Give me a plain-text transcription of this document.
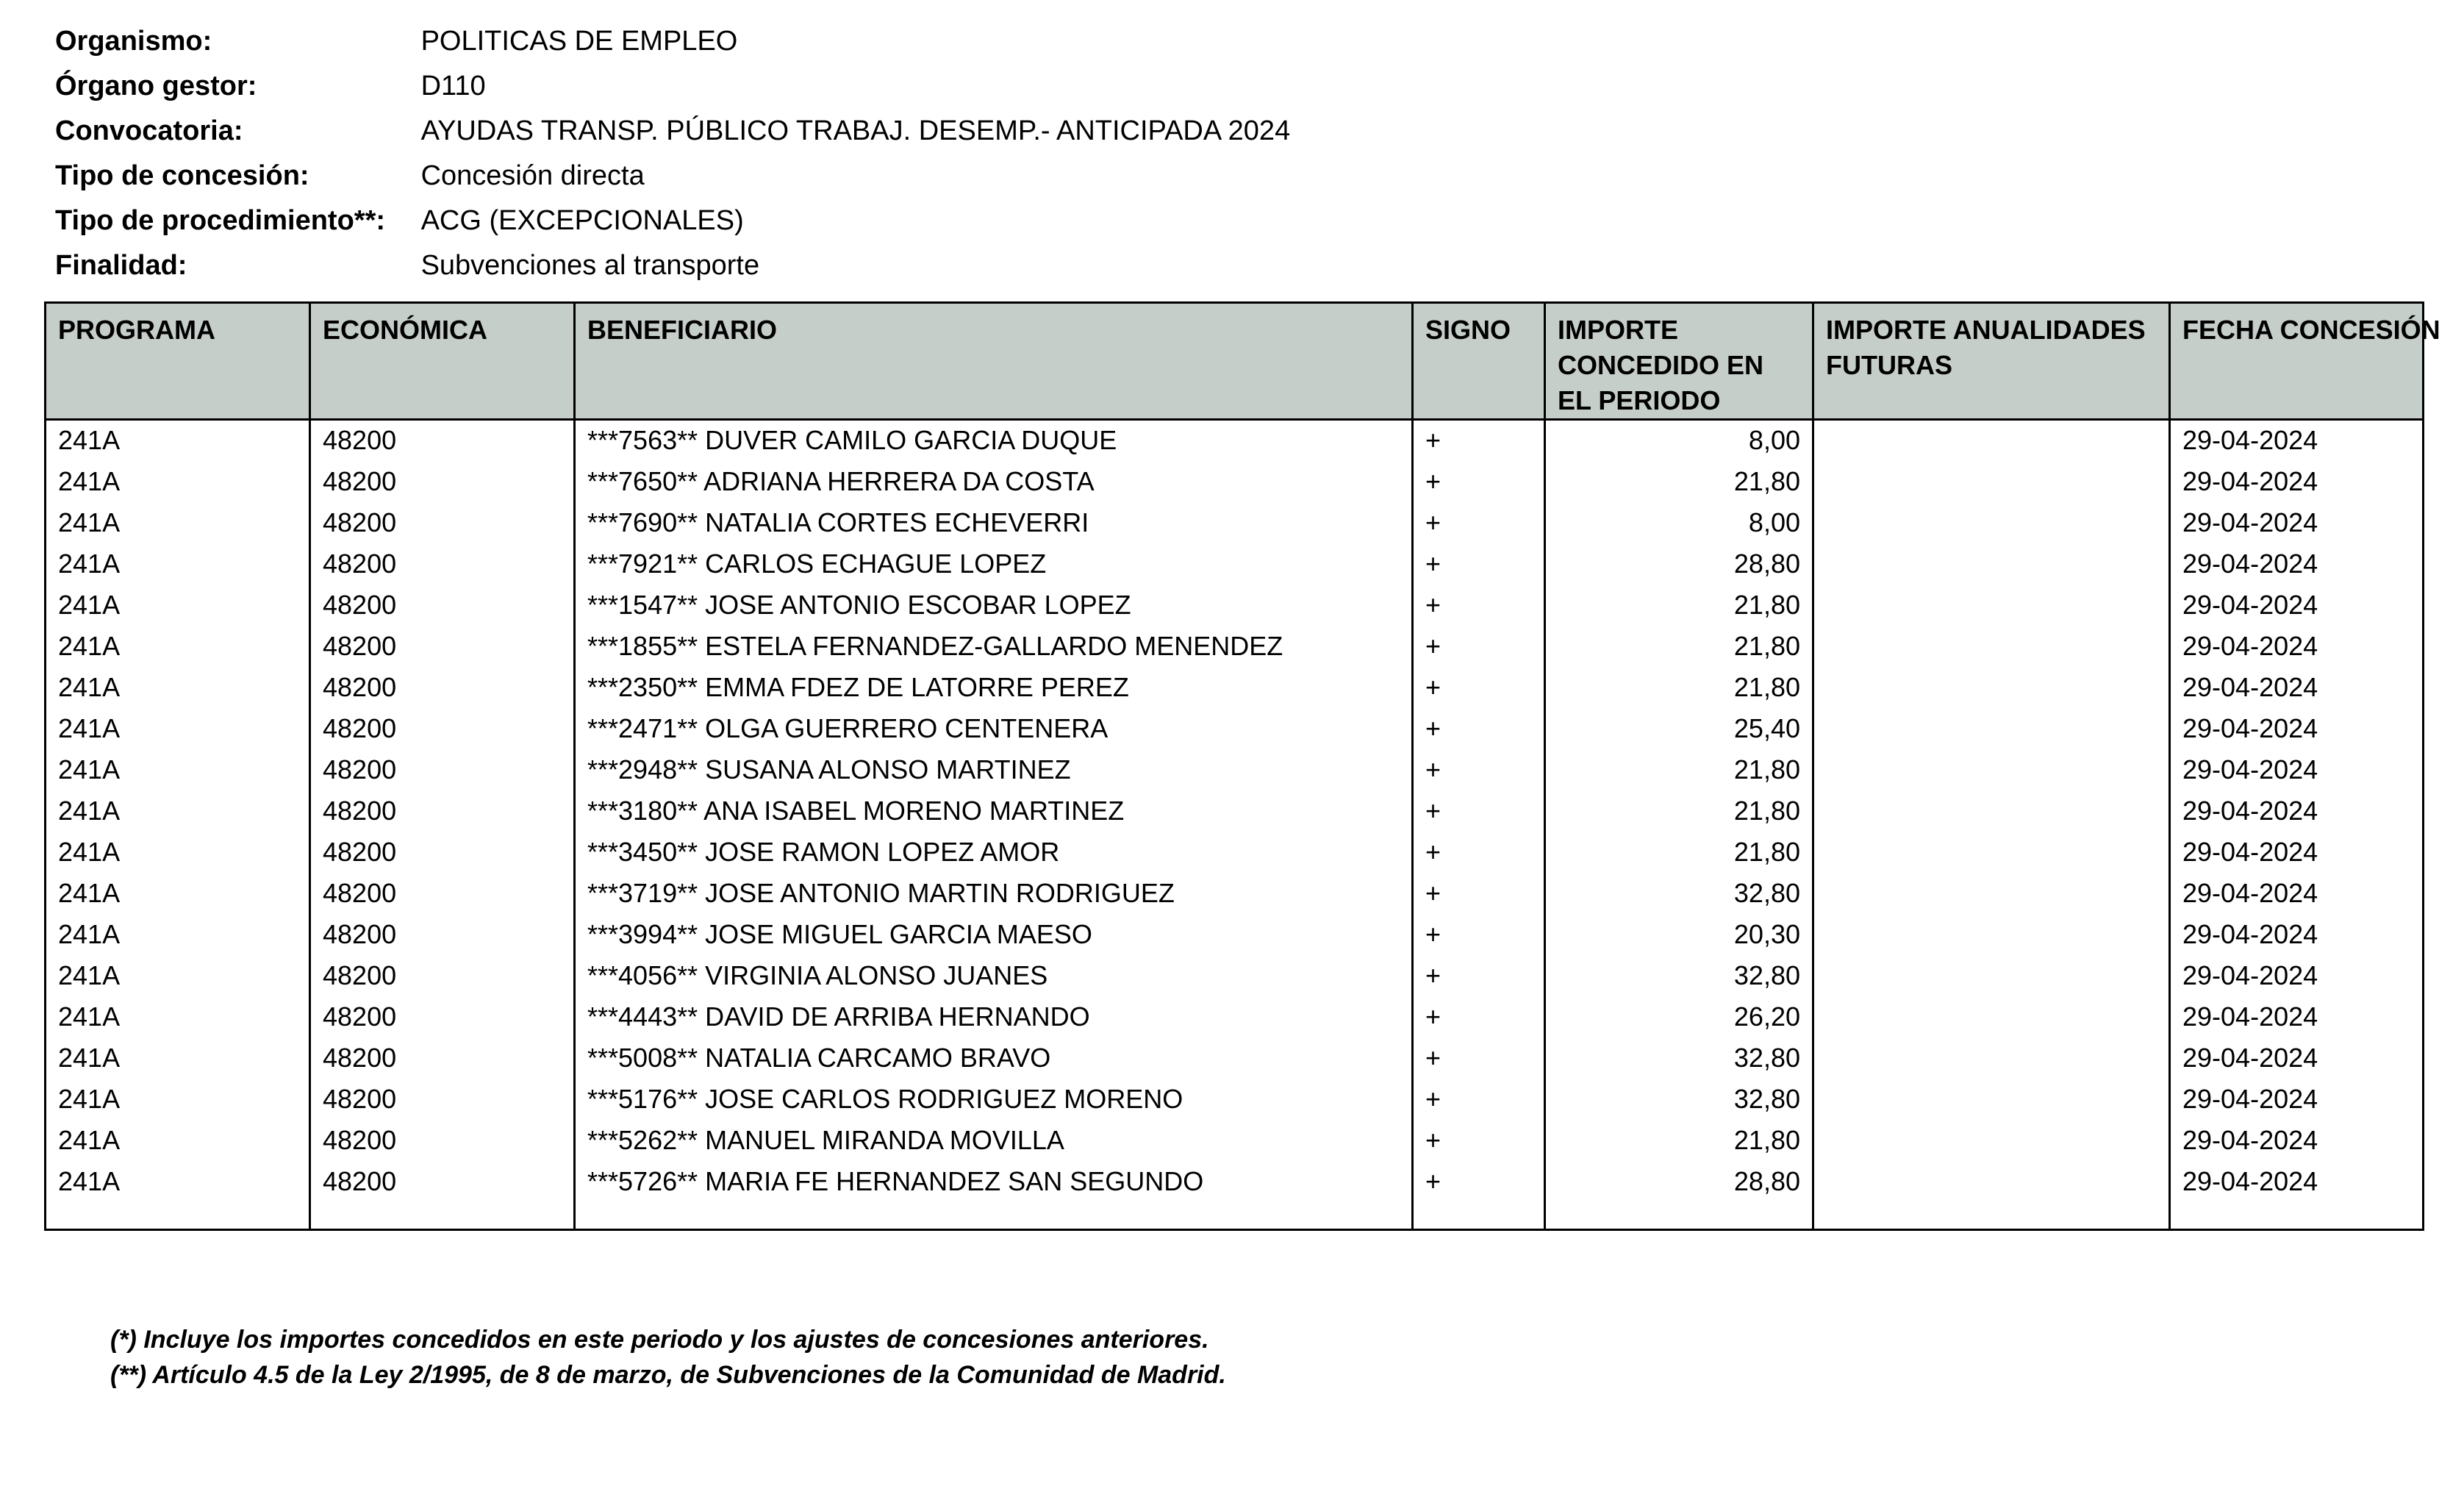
Organismo:	POLITICAS DE EMPLEO
Órgano gestor:	D110
Convocatoria:	AYUDAS TRANSP. PÚBLICO TRABAJ. DESEMP.- ANTICIPADA 2024
Tipo de concesión:	Concesión directa
Tipo de procedimiento**: ACG (EXCEPCIONALES)
Finalidad:	Subvenciones al transporte
PROGRAMA	ECONÓMICA	BENEFICIARIO	SIGNO	IMPORTE CONCEDIDO EN EL PERIODO	IMPORTE ANUALIDADES FUTURAS	FECHA CONCESIÓN
241A	48200	***7563** DUVER CAMILO GARCIA DUQUE	+	8,00		29-04-2024
241A	48200	***7650** ADRIANA HERRERA DA COSTA	+	21,80		29-04-2024
241A	48200	***7690** NATALIA CORTES ECHEVERRI	+	8,00		29-04-2024
241A	48200	***7921** CARLOS ECHAGUE LOPEZ	+	28,80		29-04-2024
241A	48200	***1547** JOSE ANTONIO ESCOBAR LOPEZ	+	21,80		29-04-2024
241A	48200	***1855** ESTELA FERNANDEZ-GALLARDO MENENDEZ	+	21,80		29-04-2024
241A	48200	***2350** EMMA FDEZ DE LATORRE PEREZ	+	21,80		29-04-2024
241A	48200	***2471** OLGA GUERRERO CENTENERA	+	25,40		29-04-2024
241A	48200	***2948** SUSANA ALONSO MARTINEZ	+	21,80		29-04-2024
241A	48200	***3180** ANA ISABEL MORENO MARTINEZ	+	21,80		29-04-2024
241A	48200	***3450** JOSE RAMON LOPEZ AMOR	+	21,80		29-04-2024
241A	48200	***3719** JOSE ANTONIO MARTIN RODRIGUEZ	+	32,80		29-04-2024
241A	48200	***3994** JOSE MIGUEL GARCIA MAESO	+	20,30		29-04-2024
241A	48200	***4056** VIRGINIA ALONSO JUANES	+	32,80		29-04-2024
241A	48200	***4443** DAVID DE ARRIBA HERNANDO	+	26,20		29-04-2024
241A	48200	***5008** NATALIA CARCAMO BRAVO	+	32,80		29-04-2024
241A	48200	***5176** JOSE CARLOS RODRIGUEZ MORENO	+	32,80		29-04-2024
241A	48200	***5262** MANUEL MIRANDA MOVILLA	+	21,80		29-04-2024
241A	48200	***5726** MARIA FE HERNANDEZ SAN SEGUNDO	+	28,80		29-04-2024

(*) Incluye los importes concedidos en este periodo y los ajustes de concesiones anteriores.
(**) Artículo 4.5 de la Ley 2/1995, de 8 de marzo, de Subvenciones de la Comunidad de Madrid.
